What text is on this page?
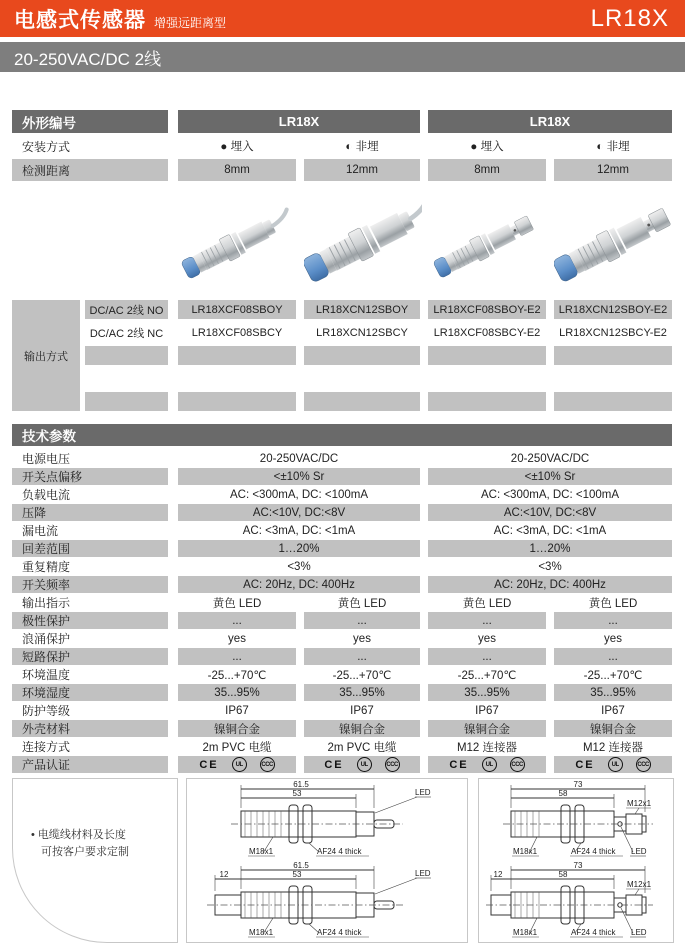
电感式传感器 增强远距离型	LR18X
20-250VAC/DC 2线
外形编号	LR18X	LR18X
安装方式	● 埋入	◐ 非埋	● 埋入	◐ 非埋
检测距离	8mm	12mm	8mm	12mm
输出方式
DC/AC 2线 NO	LR18XCF08SBOY	LR18XCN12SBOY	LR18XCF08SBOY-E2	LR18XCN12SBOY-E2
DC/AC 2线 NC	LR18XCF08SBCY	LR18XCN12SBCY	LR18XCF08SBCY-E2	LR18XCN12SBCY-E2
技术参数
电源电压	20-250VAC/DC	20-250VAC/DC
开关点偏移	<±10% Sr	<±10% Sr
负载电流	AC: <300mA, DC: <100mA	AC: <300mA, DC: <100mA
压降	AC:<10V, DC:<8V	AC:<10V, DC:<8V
漏电流	AC: <3mA, DC: <1mA	AC: <3mA, DC: <1mA
回差范围	1…20%	1…20%
重复精度	<3%	<3%
开关频率	AC: 20Hz, DC: 400Hz	AC: 20Hz, DC: 400Hz
输出指示	黄色 LED	黄色 LED	黄色 LED	黄色 LED
极性保护	...	...	...	...
浪涌保护	yes	yes	yes	yes
短路保护	...	...	...	...
环境温度	-25...+70℃	-25...+70℃	-25...+70℃	-25...+70℃
环境湿度	35...95%	35...95%	35...95%	35...95%
防护等级	IP67	IP67	IP67	IP67
外壳材料	镍铜合金	镍铜合金	镍铜合金	镍铜合金
连接方式	2m PVC 电缆	2m PVC 电缆	M12 连接器	M12 连接器
产品认证	CE	UL	CCC	CE	UL	CCC	CE	UL	CCC	CE	UL	CCC
• 电缆线材料及长度
可按客户要求定制
61.5
53	LED
M18x1	AF24 4 thick
61.5
12	53	LED
M18x1	AF24 4 thick
73
58
M12x1
M18x1	AF24 4 thick LED
73
12	58
M12x1
M18x1	AF24 4 thick LED
